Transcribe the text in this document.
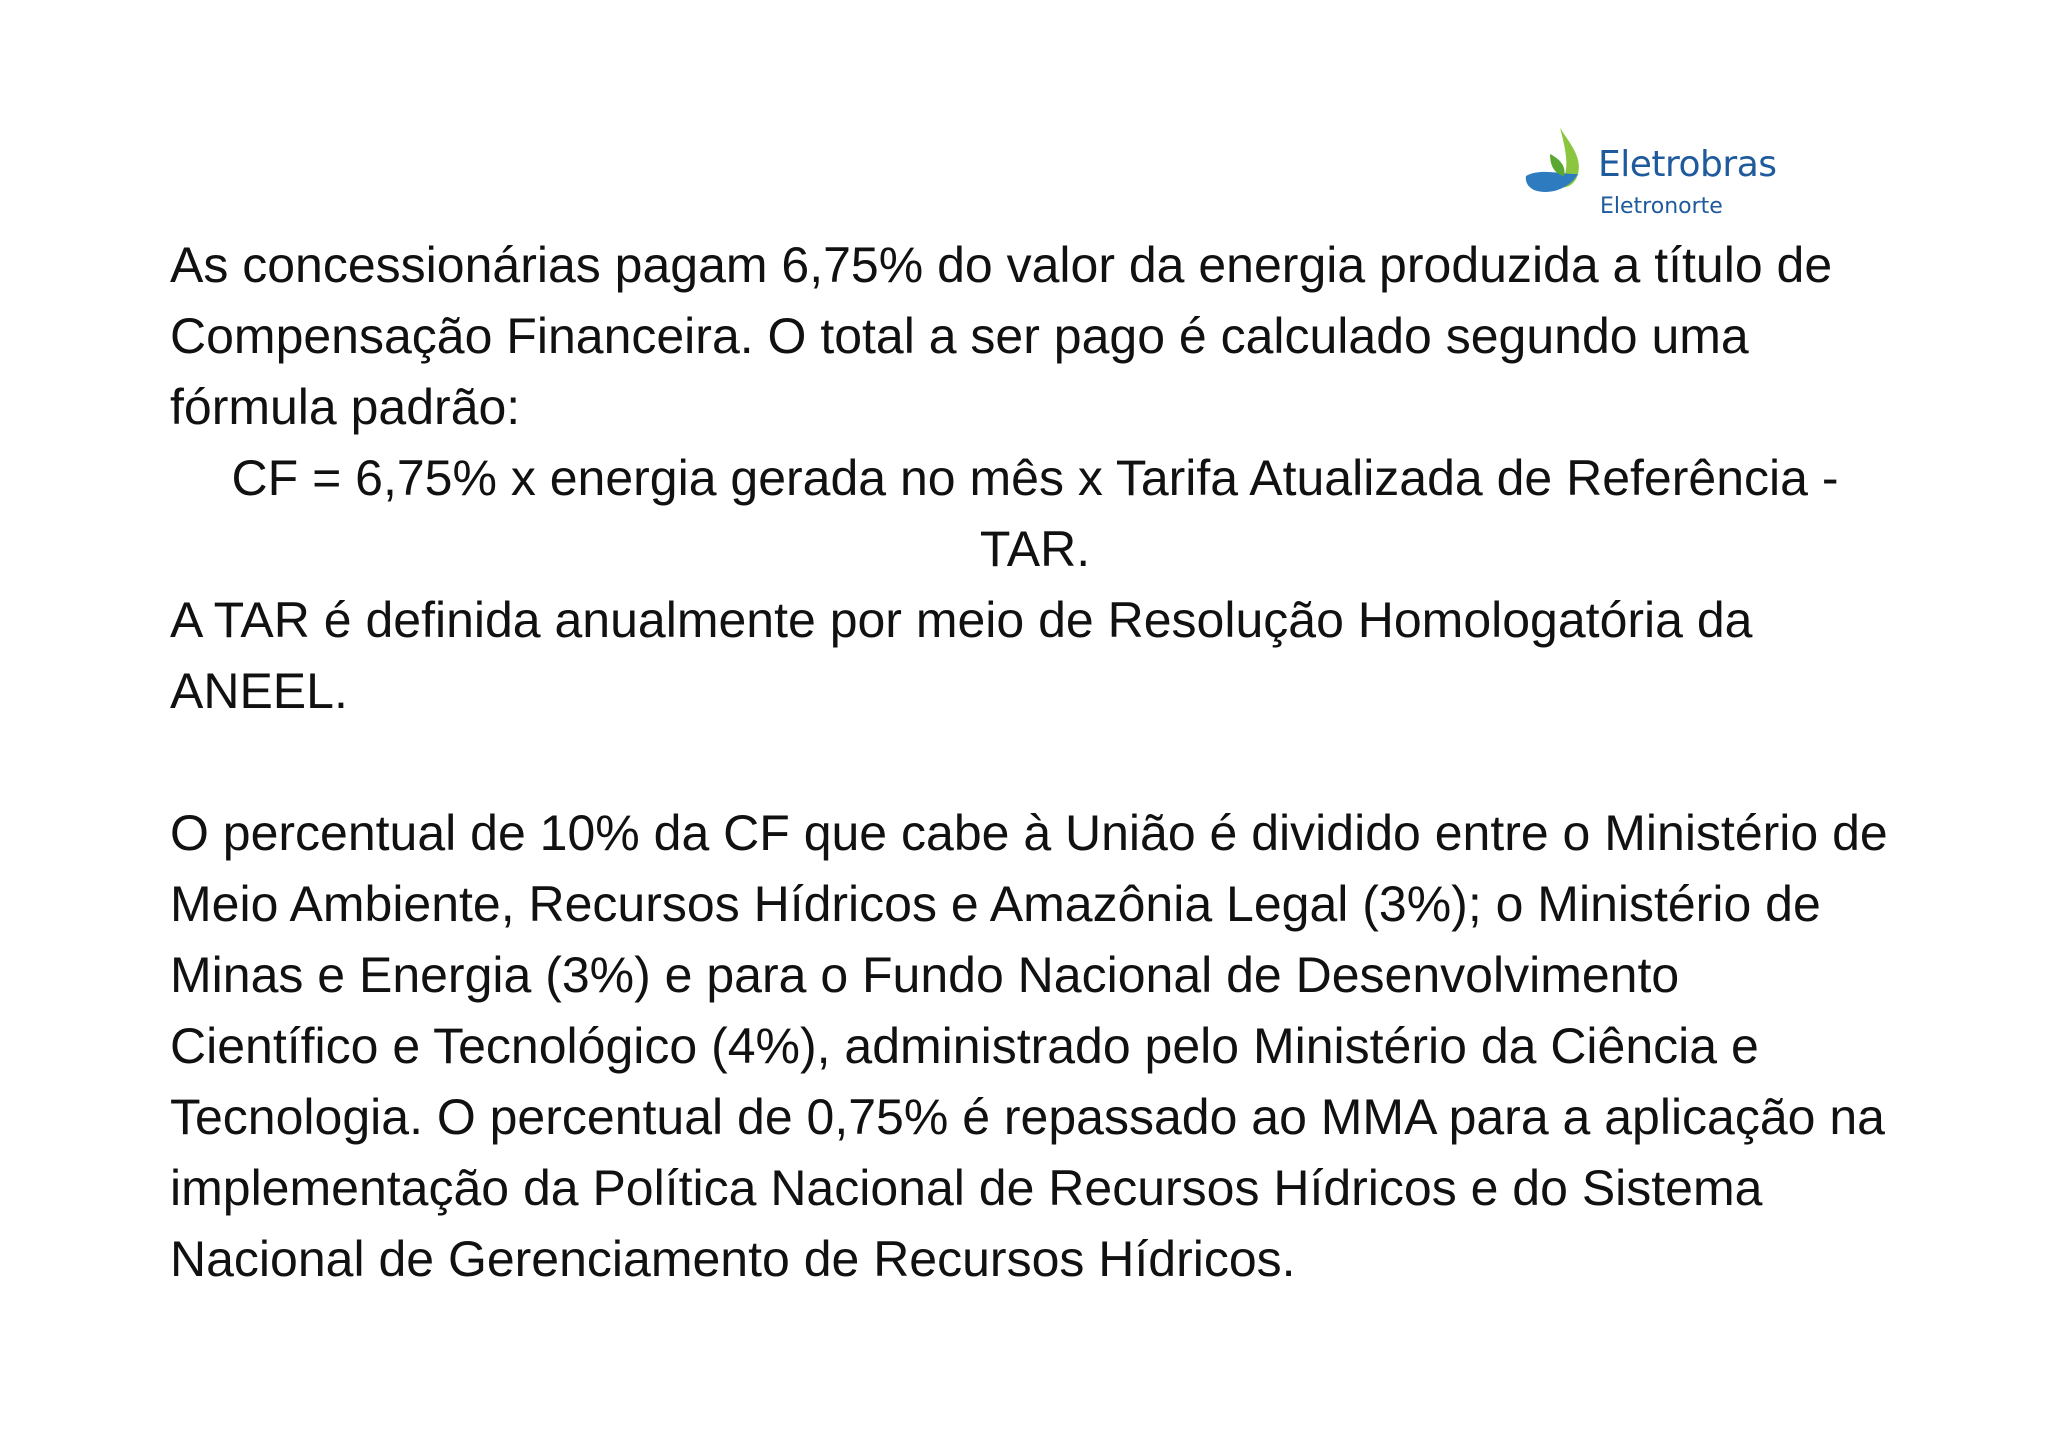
Eletrobras
Eletronorte

As concessionárias pagam 6,75% do valor da energia produzida a título de Compensação Financeira. O total a ser pago é calculado segundo uma fórmula padrão:

CF = 6,75% x energia gerada no mês x Tarifa Atualizada de Referência - TAR.

A TAR é definida anualmente por meio de Resolução Homologatória da ANEEL.

O percentual de 10% da CF que cabe à União é dividido entre o Ministério de Meio Ambiente, Recursos Hídricos e Amazônia Legal (3%); o Ministério de Minas e Energia (3%) e para o Fundo Nacional de Desenvolvimento Científico e Tecnológico (4%), administrado pelo Ministério da Ciência e Tecnologia. O percentual de 0,75% é repassado ao MMA para a aplicação na implementação da Política Nacional de Recursos Hídricos e do Sistema Nacional de Gerenciamento de Recursos Hídricos.
